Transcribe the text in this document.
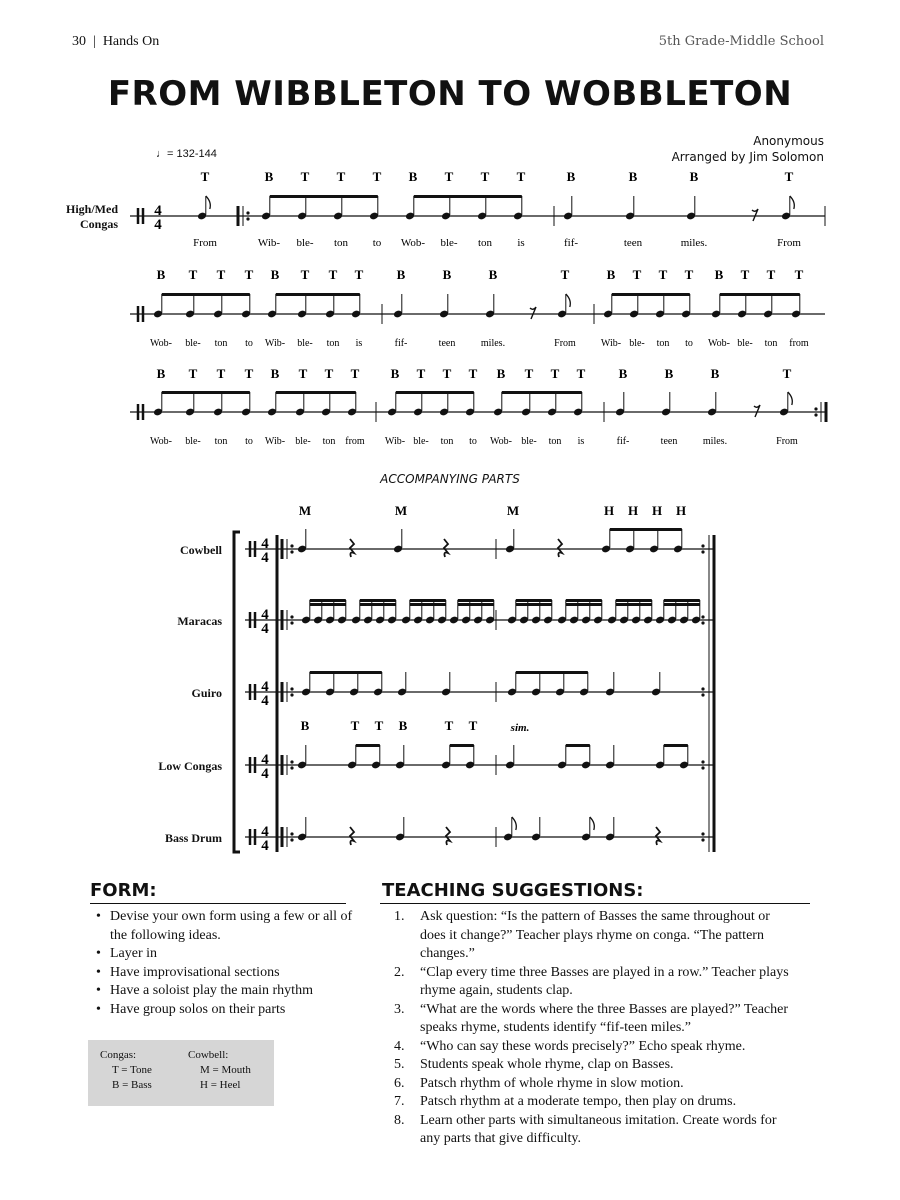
30  |  Hands On	5th Grade-Middle School
FROM WIBBLETON TO WOBBLETON
Anonymous
Arranged by Jim Solomon
♩= 132-144
High/Med
Congas
ACCOMPANYING PARTS
Cowbell
Maracas
Guiro
Low Congas
Bass Drum
4
4
T
From
B
Wib-
T
ble-
T
ton
T
to
B
Wob-
T
ble-
T
ton
T
is
B
fif-
B
teen
B
miles.
T
From
B
Wob-
T
ble-
T
ton
T
to
B
Wib-
T
ble-
T
ton
T
is
B
fif-
B
teen
B
miles.
T
From
B
Wib-
T
ble-
T
ton
T
to
B
Wob-
T
ble-
T
ton
T
from
B
Wob-
T
ble-
T
ton
T
to
B
Wib-
T
ble-
T
ton
T
from
B
Wib-
T
ble-
T
ton
T
to
B
Wob-
T
ble-
T
ton
T
is
B
fif-
B
teen
B
miles.
T
From
4
4
4
4
4
4
4
4
4
4
M	M	M	H H H H
B	T T B	T T	sim.
FORM:
• Devise your own form using a few or all of the following ideas.
• Layer in
• Have improvisational sections
• Have a soloist play the main rhythm
• Have group solos on their parts
Congas:
T = Tone
B = Bass
Cowbell:
M = Mouth
H = Heel
TEACHING SUGGESTIONS:
1. Ask question: “Is the pattern of Basses the same throughout or does it change?” Teacher plays rhyme on conga. “The pattern changes.”
2. “Clap every time three Basses are played in a row.” Teacher plays rhyme again, students clap.
3. “What are the words where the three Basses are played?” Teacher speaks rhyme, students identify “fif-teen miles.”
4. “Who can say these words precisely?” Echo speak rhyme.
5. Students speak whole rhyme, clap on Basses.
6. Patsch rhythm of whole rhyme in slow motion.
7. Patsch rhythm at a moderate tempo, then play on drums.
8. Learn other parts with simultaneous imitation. Create words for any parts that give difficulty.
